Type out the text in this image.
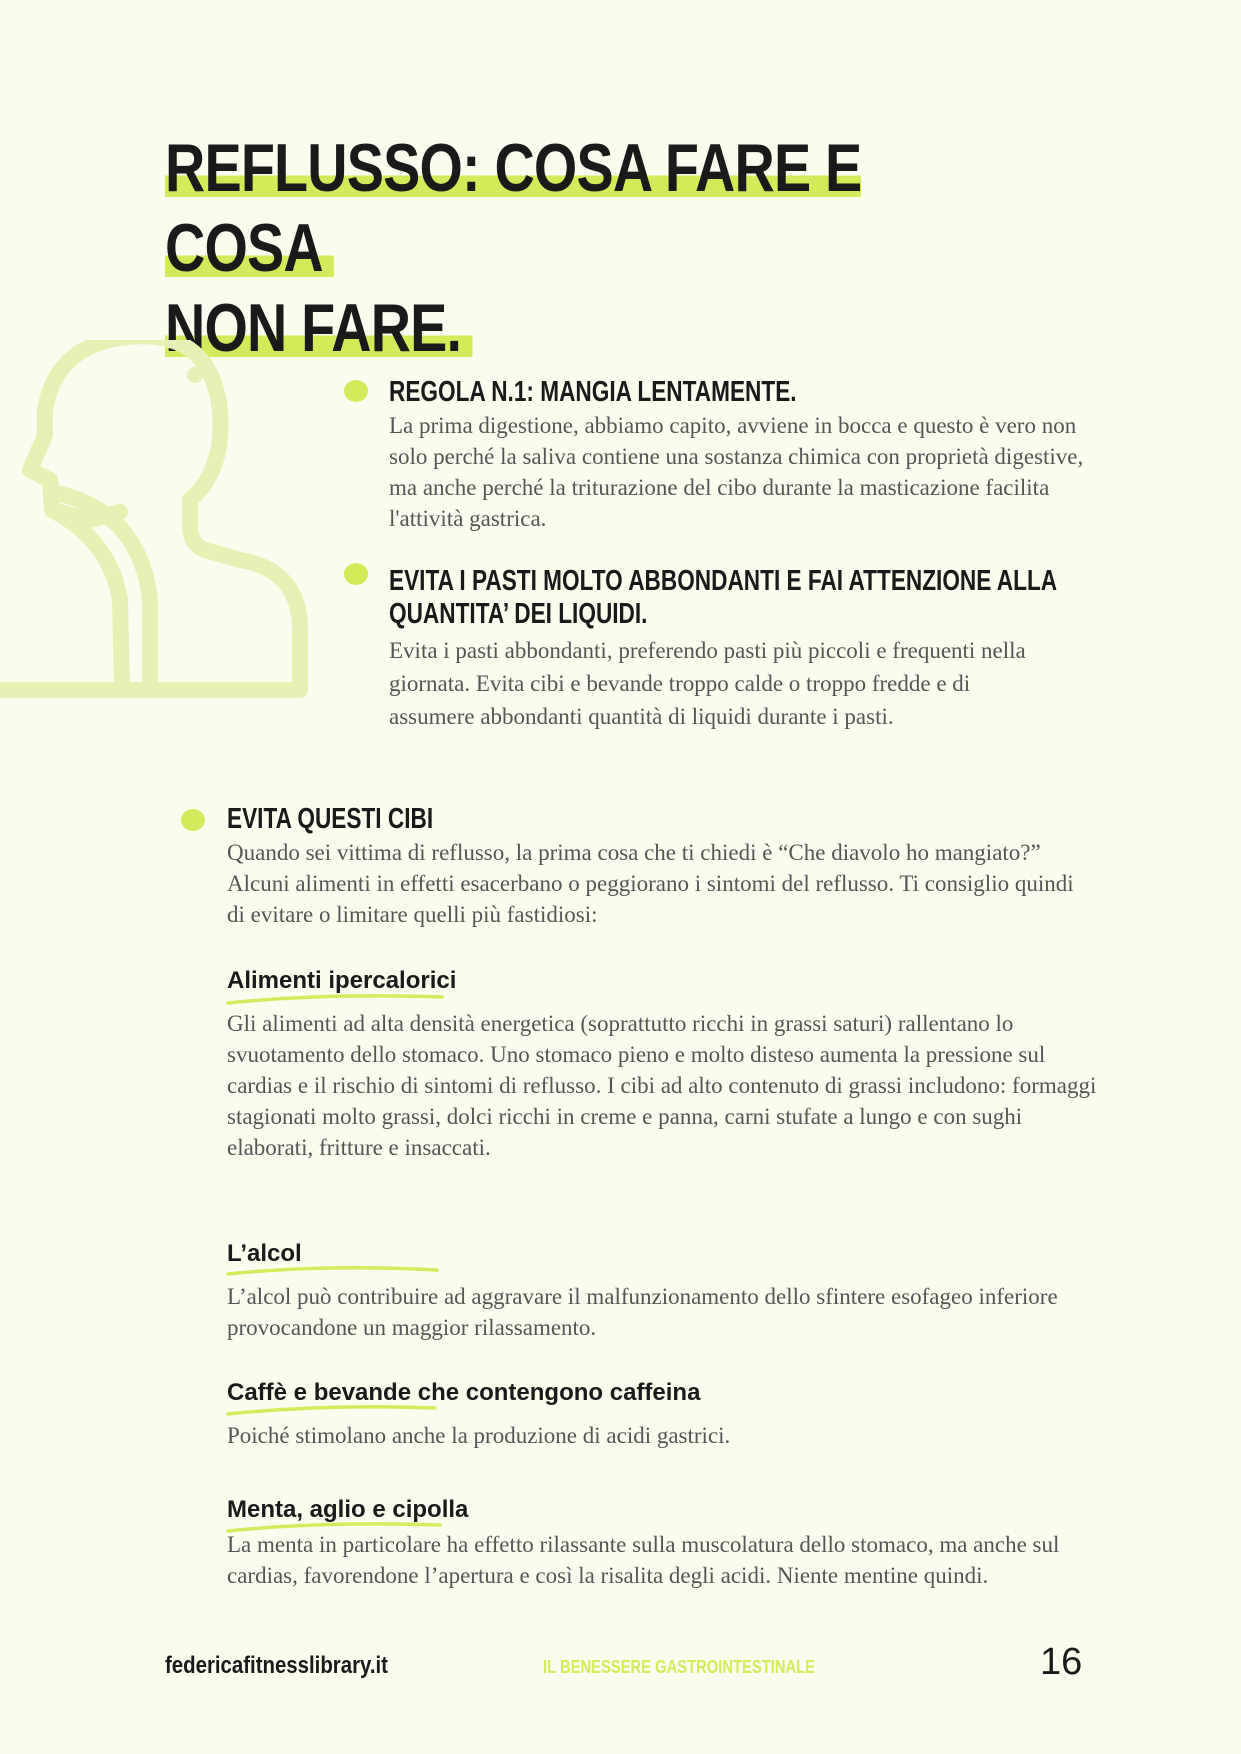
REFLUSSO: COSA FARE E COSA
NON FARE.
REGOLA N.1: MANGIA LENTAMENTE.

La prima digestione, abbiamo capito, avviene in bocca e questo è vero non solo perché la saliva contiene una sostanza chimica con proprietà digestive, ma anche perché la triturazione del cibo durante la masticazione facilita l'attività gastrica.

EVITA I PASTI MOLTO ABBONDANTI E FAI ATTENZIONE ALLA
QUANTITA’ DEI LIQUIDI.

Evita i pasti abbondanti, preferendo pasti più piccoli e frequenti nella giornata. Evita cibi e bevande troppo calde o troppo fredde e di assumere abbondanti quantità di liquidi durante i pasti.

EVITA QUESTI CIBI

Quando sei vittima di reflusso, la prima cosa che ti chiedi è “Che diavolo ho mangiato?” Alcuni alimenti in effetti esacerbano o peggiorano i sintomi del reflusso. Ti consiglio quindi di evitare o limitare quelli più fastidiosi:

Alimenti ipercalorici

Gli alimenti ad alta densità energetica (soprattutto ricchi in grassi saturi) rallentano lo svuotamento dello stomaco. Uno stomaco pieno e molto disteso aumenta la pressione sul cardias e il rischio di sintomi di reflusso. I cibi ad alto contenuto di grassi includono: formaggi stagionati molto grassi, dolci ricchi in creme e panna, carni stufate a lungo e con sughi elaborati, fritture e insaccati.

L’alcol

L’alcol può contribuire ad aggravare il malfunzionamento dello sfintere esofageo inferiore provocandone un maggior rilassamento.

Caffè e bevande che contengono caffeina

Poiché stimolano anche la produzione di acidi gastrici.

Menta, aglio e cipolla

La menta in particolare ha effetto rilassante sulla muscolatura dello stomaco, ma anche sul cardias, favorendone l’apertura e così la risalita degli acidi. Niente mentine quindi.

federicafitnesslibrary.it	IL BENESSERE GASTROINTESTINALE	16
